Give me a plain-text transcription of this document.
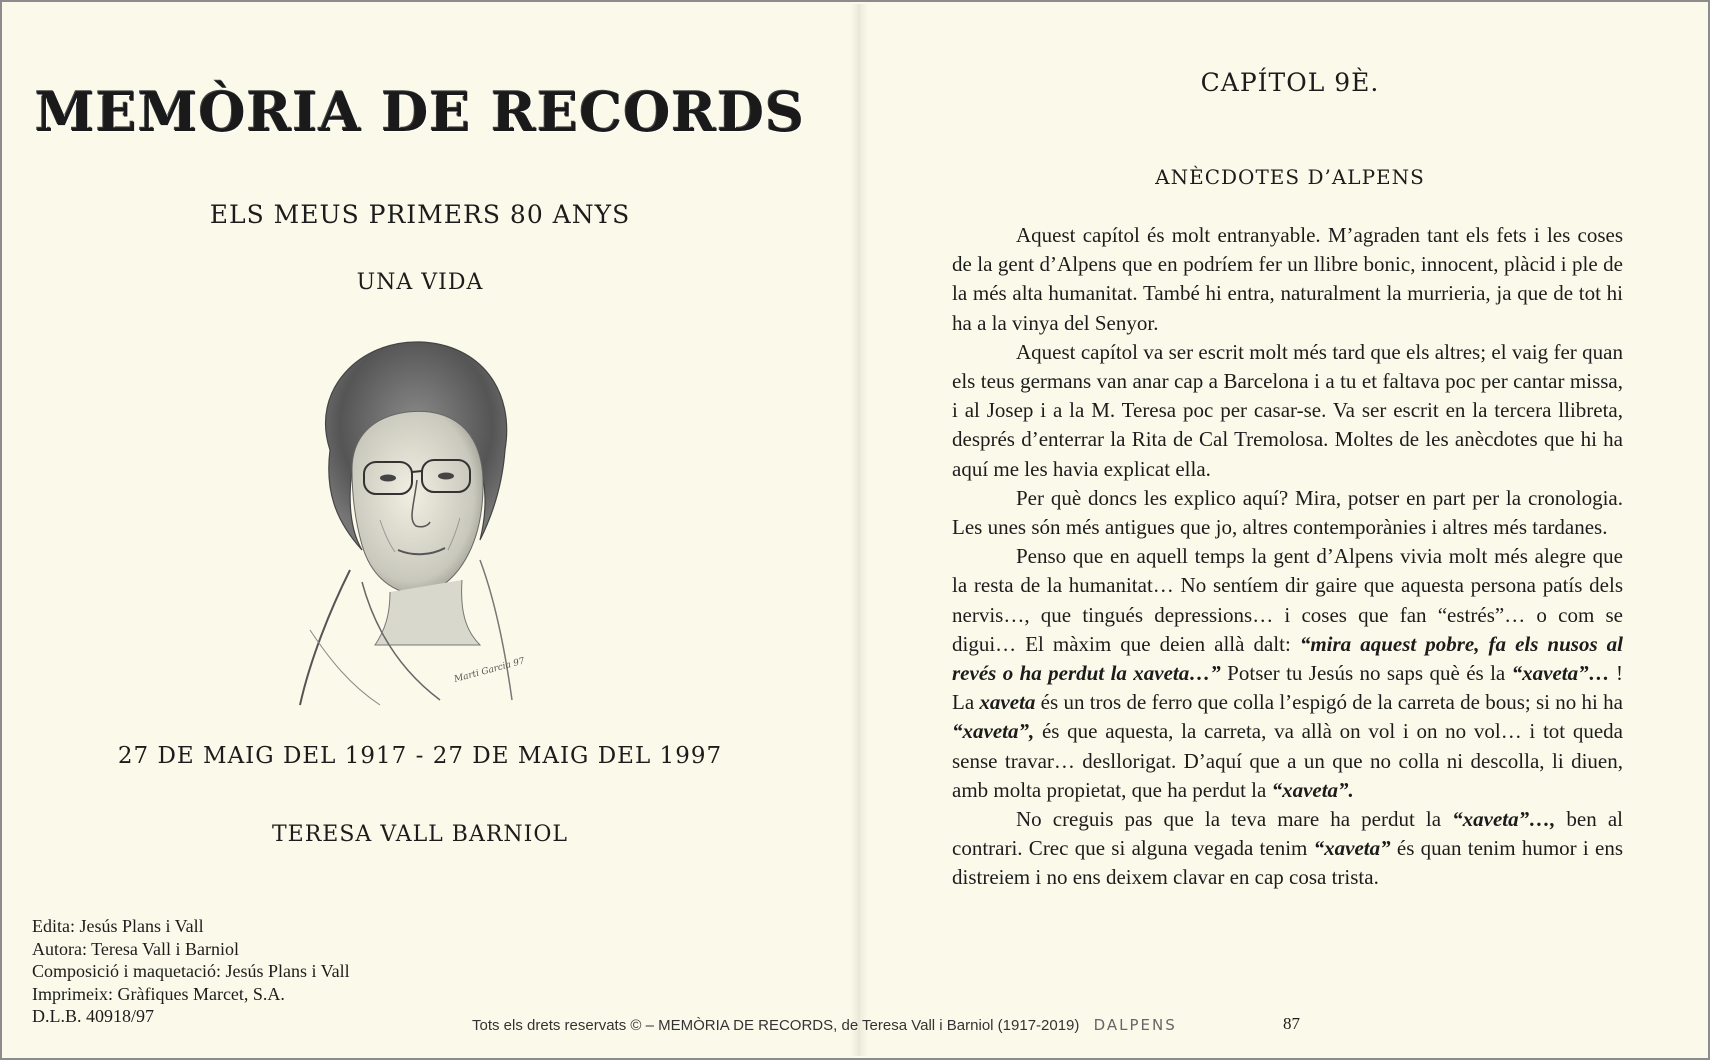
MEMÒRIA DE RECORDS
ELS MEUS PRIMERS 80 ANYS
UNA VIDA
Marti Garcia 97
27 DE MAIG DEL 1917 - 27 DE MAIG DEL 1997
TERESA VALL BARNIOL
Edita: Jesús Plans i Vall
Autora: Teresa Vall i Barniol
Composició i maquetació: Jesús Plans i Vall
Imprimeix: Gràfiques Marcet, S.A.
D.L.B. 40918/97
CAPÍTOL 9È.
ANÈCDOTES D’ALPENS

Aquest capítol és molt entranyable. M’agraden tant els fets i les coses de la gent d’Alpens que en podríem fer un llibre bonic, innocent, plàcid i ple de la més alta humanitat. També hi entra, naturalment la murrieria, ja que de tot hi ha a la vinya del Senyor.

Aquest capítol va ser escrit molt més tard que els altres; el vaig fer quan els teus germans van anar cap a Barcelona i a tu et faltava poc per cantar missa, i al Josep i a la M. Teresa poc per casar-se. Va ser escrit en la tercera llibreta, després d’enterrar la Rita de Cal Tremolosa. Moltes de les anècdotes que hi ha aquí me les havia explicat ella.

Per què doncs les explico aquí? Mira, potser en part per la cronologia. Les unes són més antigues que jo, altres contemporànies i altres més tardanes.

Penso que en aquell temps la gent d’Alpens vivia molt més alegre que la resta de la humanitat… No sentíem dir gaire que aquesta persona patís dels nervis…, que tingués depressions… i coses que fan “estrés”… o com se digui… El màxim que deien allà dalt: “mira aquest pobre, fa els nusos al revés o ha perdut la xaveta…” Potser tu Jesús no saps què és la “xaveta”… ! La xaveta és un tros de ferro que colla l’espigó de la carreta de bous; si no hi ha “xaveta”, és que aquesta, la carreta, va allà on vol i on no vol… i tot queda sense travar… desllorigat. D’aquí que a un que no colla ni descolla, li diuen, amb molta propietat, que ha perdut la “xaveta”.

No creguis pas que la teva mare ha perdut la “xaveta”…, ben al contrari. Crec que si alguna vegada tenim “xaveta” és quan tenim humor i ens distreiem i no ens deixem clavar en cap cosa trista.

Tots els drets reservats © – MEMÒRIA DE RECORDS, de Teresa Vall i Barniol (1917-2019) DALPENS	87
